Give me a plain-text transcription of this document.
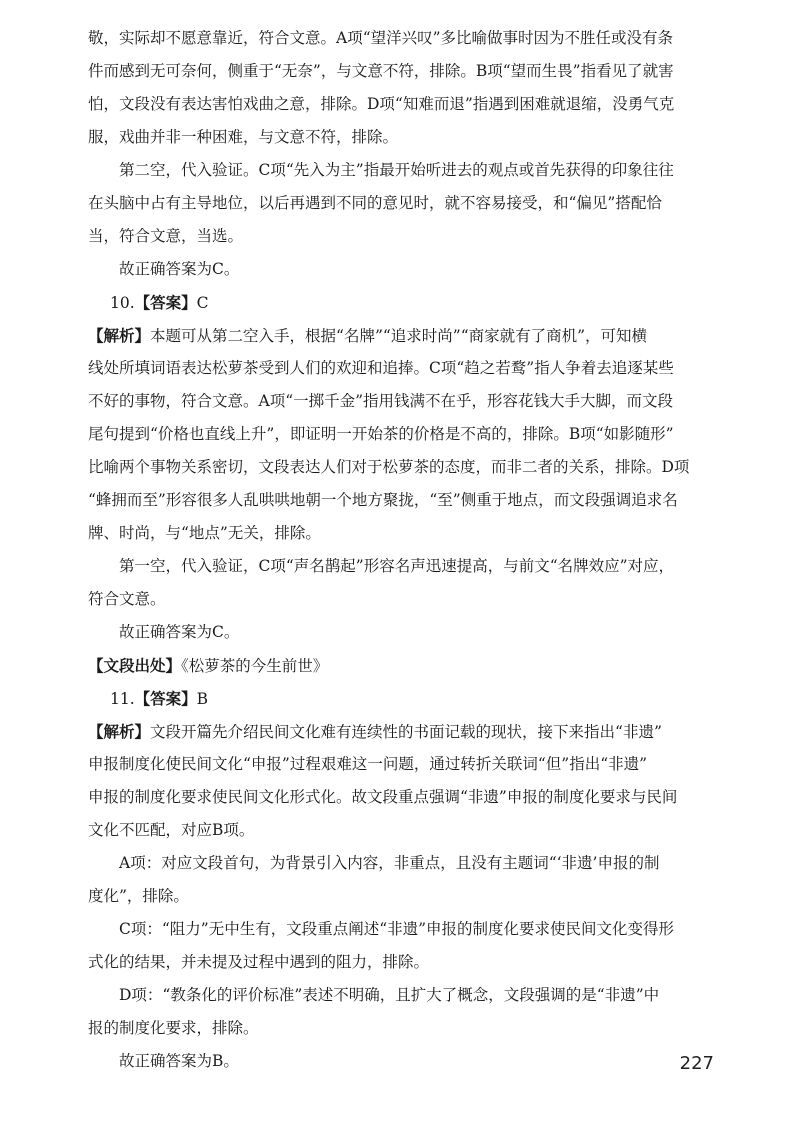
敬，实际却不愿意靠近，符合文意。A项“望洋兴叹”多比喻做事时因为不胜任或没有条
件而感到无可奈何，侧重于“无奈”，与文意不符，排除。B项“望而生畏”指看见了就害
怕，文段没有表达害怕戏曲之意，排除。D项“知难而退”指遇到困难就退缩，没勇气克
服，戏曲并非一种困难，与文意不符，排除。
第二空，代入验证。C项“先入为主”指最开始听进去的观点或首先获得的印象往往
在头脑中占有主导地位，以后再遇到不同的意见时，就不容易接受，和“偏见”搭配恰
当，符合文意，当选。
故正确答案为C。
10.【答案】C
【解析】本题可从第二空入手，根据“名牌”“追求时尚”“商家就有了商机”，可知横
线处所填词语表达松萝茶受到人们的欢迎和追捧。C项“趋之若鹜”指人争着去追逐某些
不好的事物，符合文意。A项“一掷千金”指用钱满不在乎，形容花钱大手大脚，而文段
尾句提到“价格也直线上升”，即证明一开始茶的价格是不高的，排除。B项“如影随形”
比喻两个事物关系密切，文段表达人们对于松萝茶的态度，而非二者的关系，排除。D项
“蜂拥而至”形容很多人乱哄哄地朝一个地方聚拢，“至”侧重于地点，而文段强调追求名
牌、时尚，与“地点”无关，排除。
第一空，代入验证，C项“声名鹊起”形容名声迅速提高，与前文“名牌效应”对应，
符合文意。
故正确答案为C。
【文段出处】《松萝茶的今生前世》
11.【答案】B
【解析】文段开篇先介绍民间文化难有连续性的书面记载的现状，接下来指出“非遗”
申报制度化使民间文化“申报”过程艰难这一问题，通过转折关联词“但”指出“非遗”
申报的制度化要求使民间文化形式化。故文段重点强调“非遗”申报的制度化要求与民间
文化不匹配，对应B项。
A项：对应文段首句，为背景引入内容，非重点，且没有主题词“‘非遗’申报的制
度化”，排除。
C项：“阻力”无中生有，文段重点阐述“非遗”申报的制度化要求使民间文化变得形
式化的结果，并未提及过程中遇到的阻力，排除。
D项：“教条化的评价标准”表述不明确，且扩大了概念，文段强调的是“非遗”中
报的制度化要求，排除。
故正确答案为B。	227
